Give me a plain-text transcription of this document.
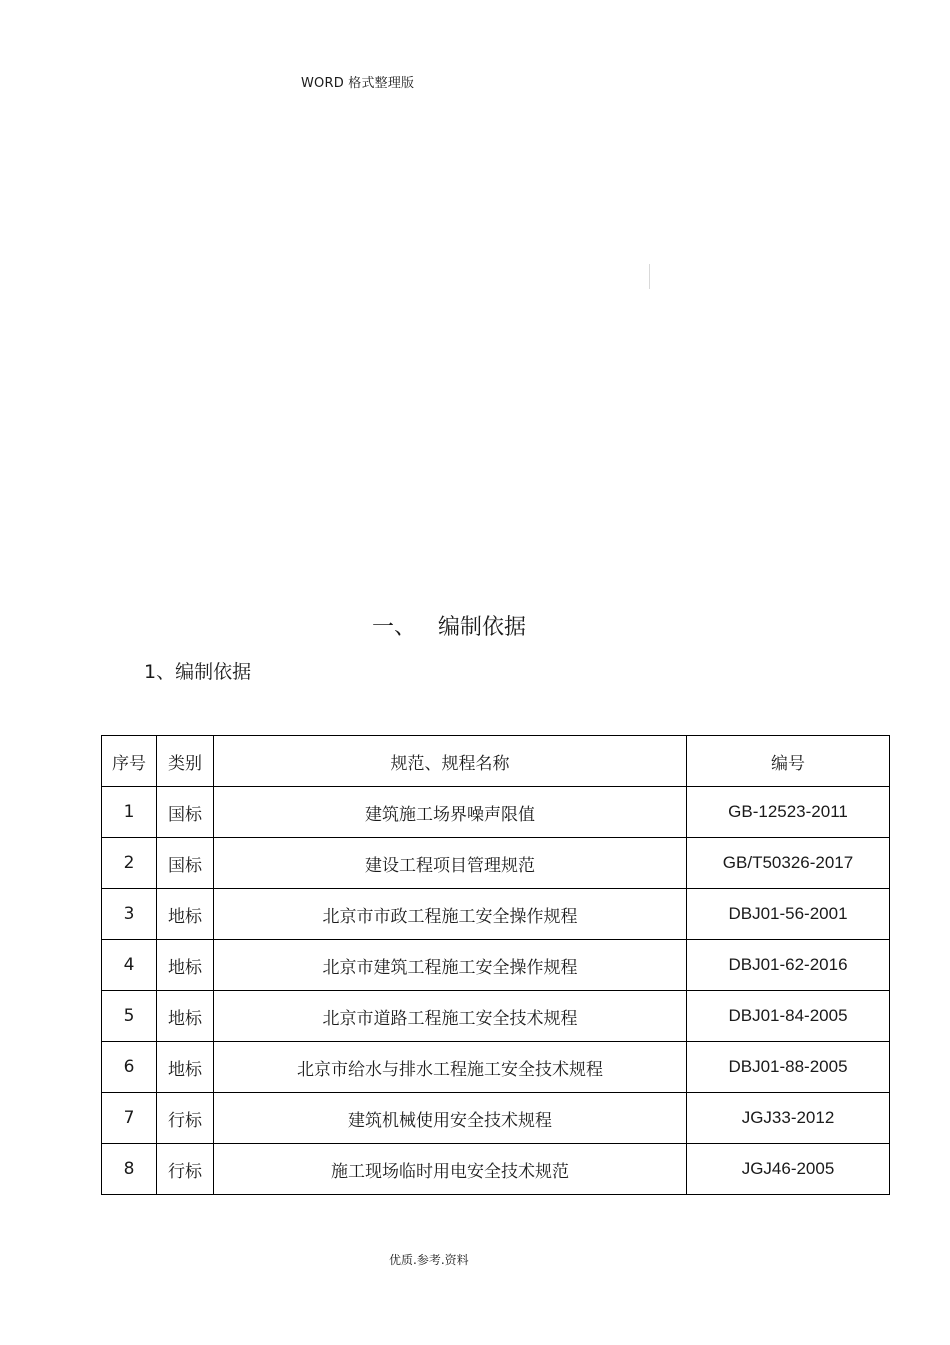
WORD 格式整理版
一、 编制依据
1、编制依据
序号	类别	规范、规程名称	编号
1	国标	建筑施工场界噪声限值	GB-12523-2011
2	国标	建设工程项目管理规范	GB/T50326-2017
3	地标	北京市市政工程施工安全操作规程	DBJ01-56-2001
4	地标	北京市建筑工程施工安全操作规程	DBJ01-62-2016
5	地标	北京市道路工程施工安全技术规程	DBJ01-84-2005
6	地标	北京市给水与排水工程施工安全技术规程	DBJ01-88-2005
7	行标	建筑机械使用安全技术规程	JGJ33-2012
8	行标	施工现场临时用电安全技术规范	JGJ46-2005
优质.参考.资料
